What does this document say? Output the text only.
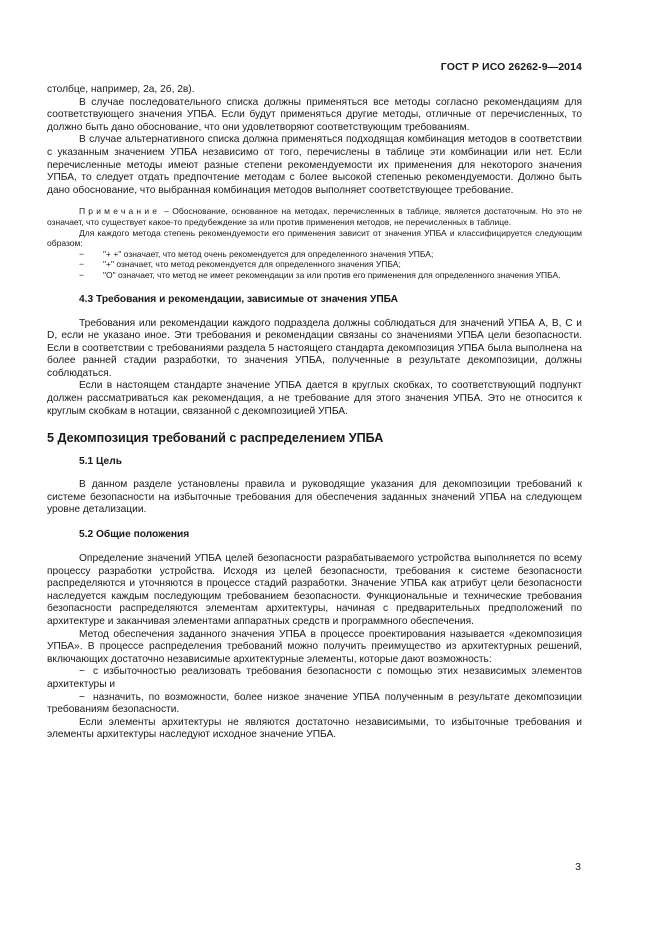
ГОСТ Р ИСО 26262-9—2014

столбце, например, 2а, 2б, 2в).

В случае последовательного списка должны применяться все методы согласно рекомендациям для соответствующего значения УПБА. Если будут применяться другие методы, отличные от перечисленных, то должно быть дано обоснование, что они удовлетворяют соответствующим требованиям.

В случае альтернативного списка должна применяться подходящая комбинация методов в соответствии с указанным значением УПБА независимо от того, перечислены в таблице эти комбинации или нет. Если перечисленные методы имеют разные степени рекомендуемости их применения для некоторого значения УПБА, то следует отдать предпочтение методам с более высокой степенью рекомендуемости. Должно быть дано обоснование, что выбранная комбинация методов выполняет соответствующее требование.

Примечание – Обоснование, основанное на методах, перечисленных в таблице, является достаточным. Но это не означает, что существует какое-то предубеждение за или против применения методов, не перечисленных в таблице.

Для каждого метода степень рекомендуемости его применения зависит от значения УПБА и классифицируется следующим образом:

− "+ +" означает, что метод очень рекомендуется для определенного значения УПБА;

− "+" означает, что метод рекомендуется для определенного значения УПБА;

− "О" означает, что метод не имеет рекомендации за или против его применения для определенного значения УПБА.

4.3 Требования и рекомендации, зависимые от значения УПБА

Требования или рекомендации каждого подраздела должны соблюдаться для значений УПБА А, В, С и D, если не указано иное. Эти требования и рекомендации связаны со значениями УПБА цели безопасности. Если в соответствии с требованиями раздела 5 настоящего стандарта декомпозиция УПБА была выполнена на более ранней стадии разработки, то значения УПБА, полученные в результате декомпозиции, должны соблюдаться.

Если в настоящем стандарте значение УПБА дается в круглых скобках, то соответствующий подпункт должен рассматриваться как рекомендация, а не требование для этого значения УПБА. Это не относится к круглым скобкам в нотации, связанной с декомпозицией УПБА.

5 Декомпозиция требований с распределением УПБА

5.1 Цель

В данном разделе установлены правила и руководящие указания для декомпозиции требований к системе безопасности на избыточные требования для обеспечения заданных значений УПБА на следующем уровне детализации.

5.2 Общие положения

Определение значений УПБА целей безопасности разрабатываемого устройства выполняется по всему процессу разработки устройства. Исходя из целей безопасности, требования к системе безопасности распределяются и уточняются в процессе стадий разработки. Значение УПБА как атрибут цели безопасности наследуется каждым последующим требованием безопасности. Функциональные и технические требования безопасности распределяются элементам архитектуры, начиная с предварительных предположений по архитектуре и заканчивая элементами аппаратных средств и программного обеспечения.

Метод обеспечения заданного значения УПБА в процессе проектирования называется «декомпозиция УПБА». В процессе распределения требований можно получить преимущество из архитектурных решений, включающих достаточно независимые архитектурные элементы, которые дают возможность:

− с избыточностью реализовать требования безопасности с помощью этих независимых элементов архитектуры и

− назначить, по возможности, более низкое значение УПБА полученным в результате декомпозиции требованиям безопасности.

Если элементы архитектуры не являются достаточно независимыми, то избыточные требования и элементы архитектуры наследуют исходное значение УПБА.

3
